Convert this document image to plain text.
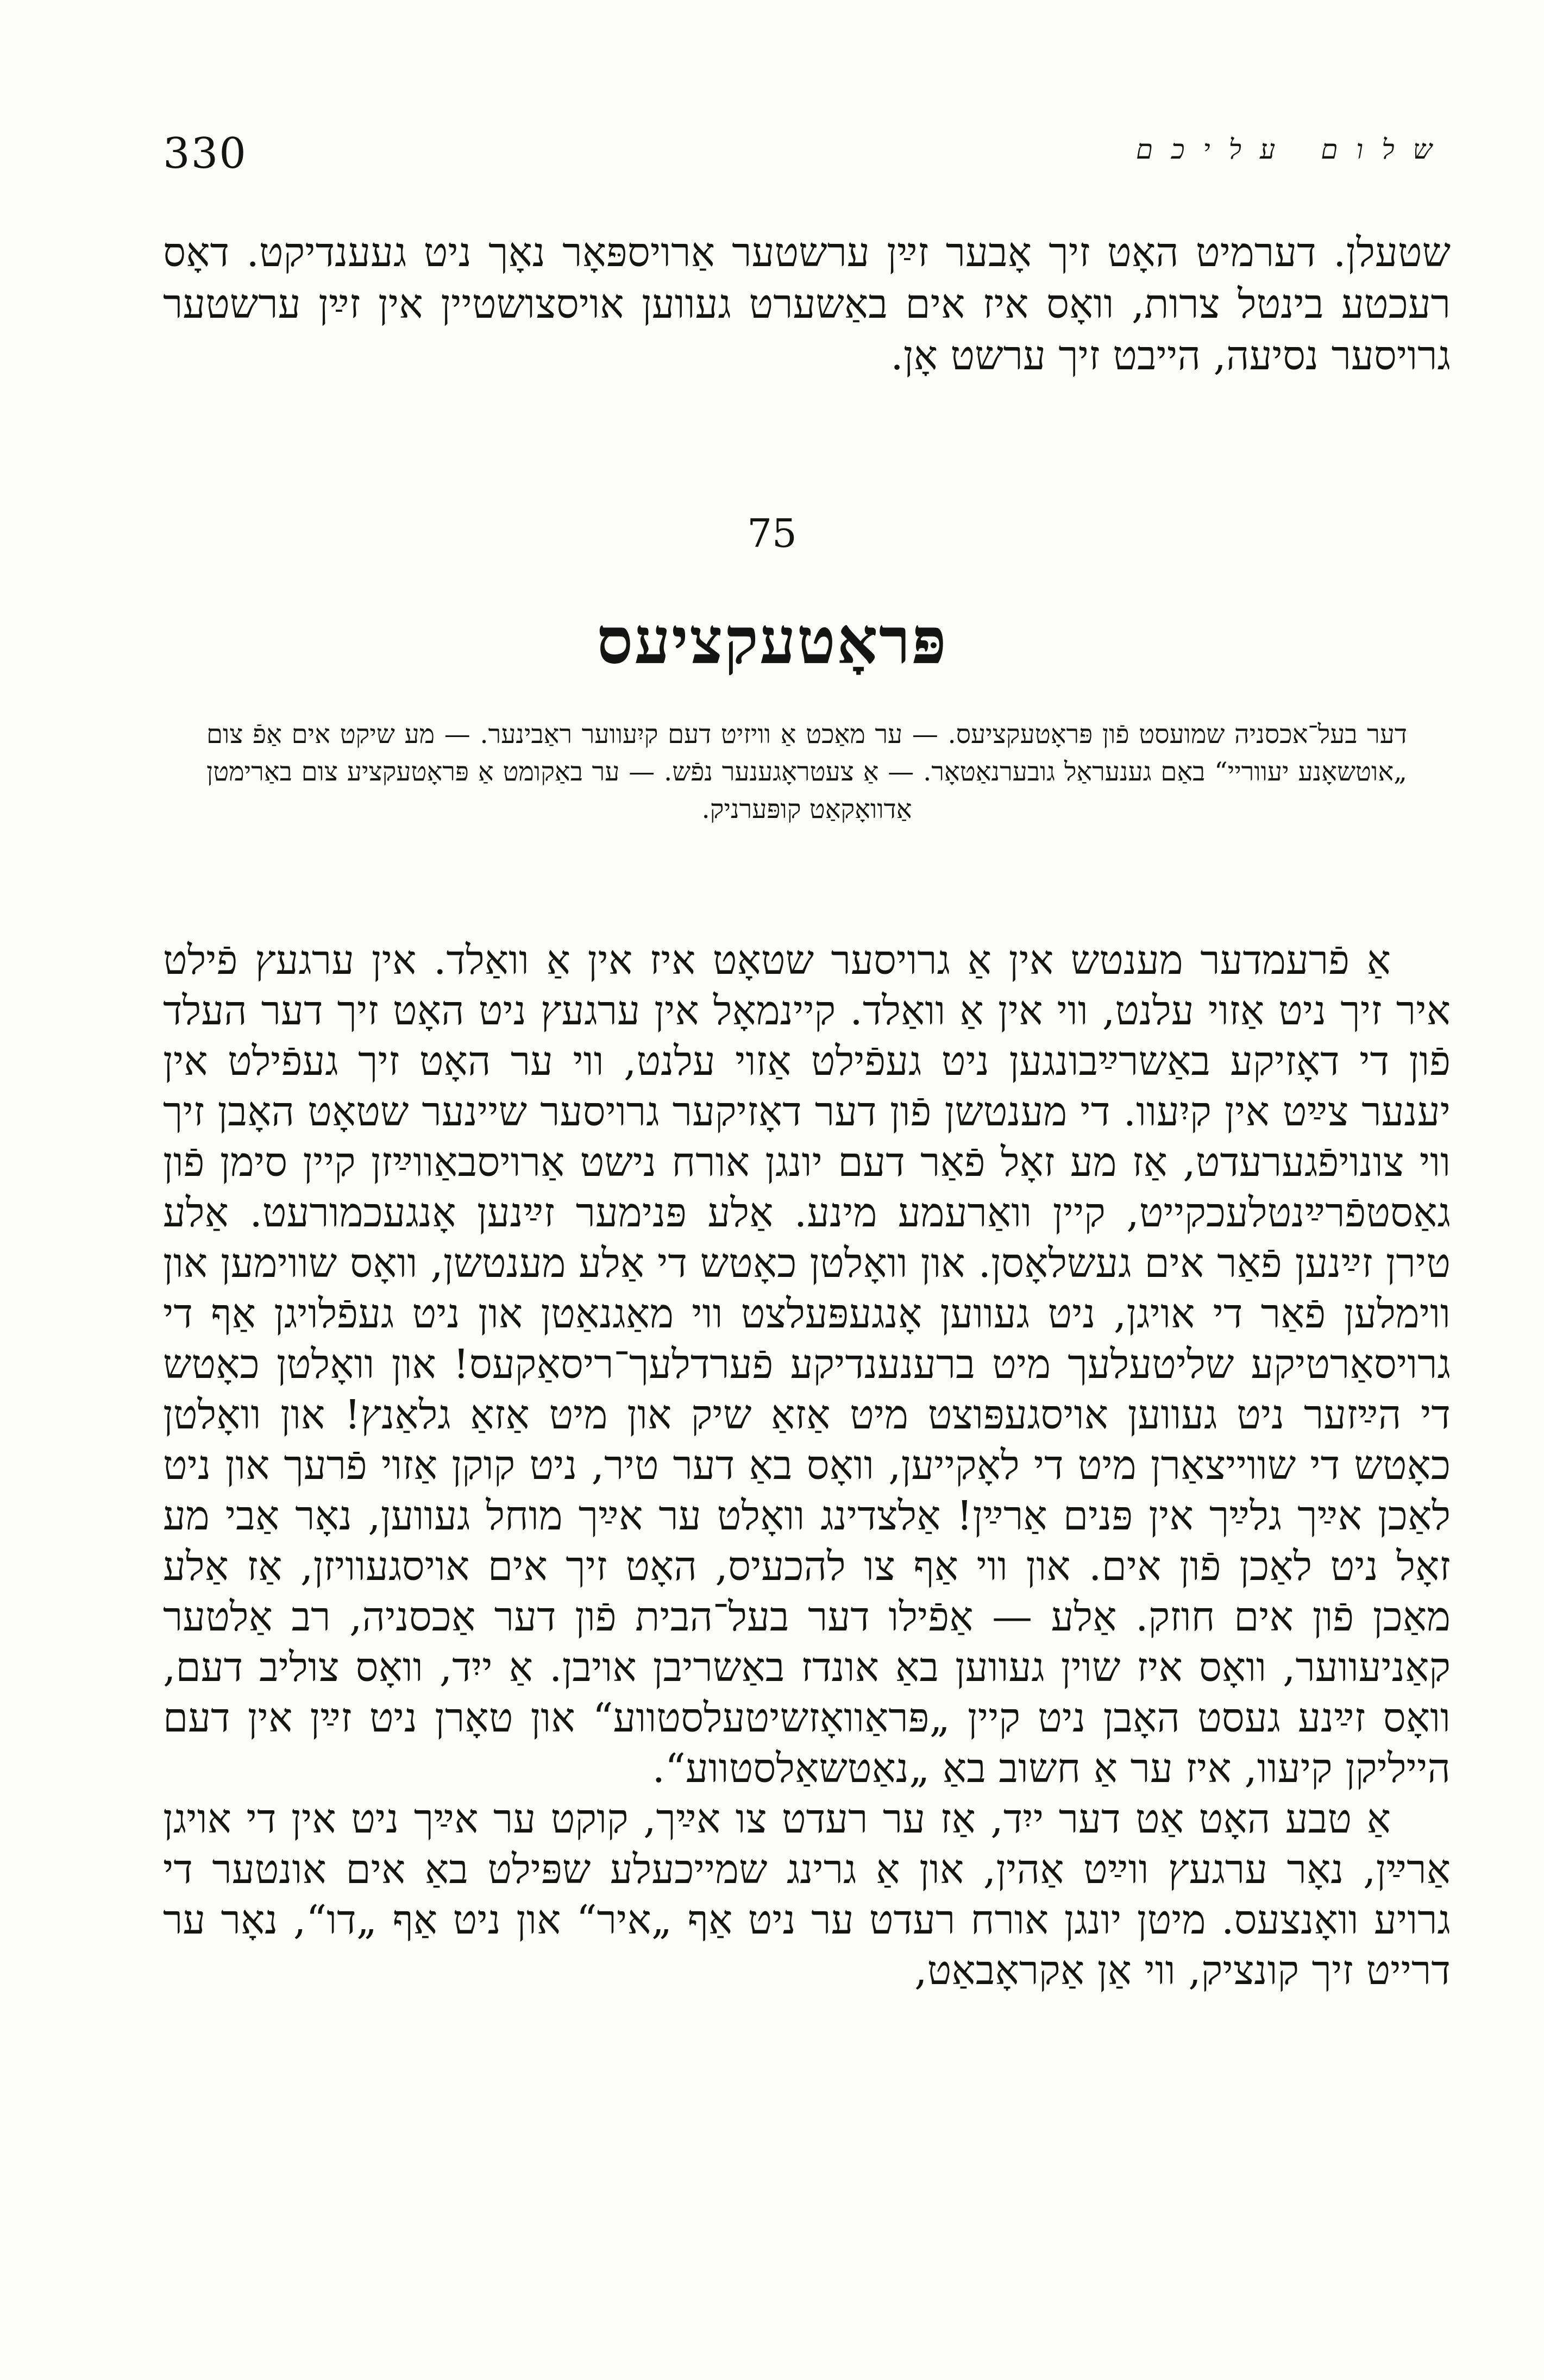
330	שלום עליכם

שטעלן. דערמיט האָט זיך אָבער זײַן ערשטער אַרויספּאָר נאָך ניט געענדיקט. דאָס רעכטע בינטל צרות, וואָס איז אים באַשערט געווען אויסצושטיין אין זײַן ערשטער גרויסער נסיעה, הייבט זיך ערשט אָן.

75
פּראָטעקציעס

דער בעל־אכסניה שמועסט פֿון פּראָטעקציעס. — ער מאַכט אַ וויזיט דעם קיִעווער ראַבינער. — מע שיקט אים אַפֿ צום „אוטשאָנע יעווריי“ באַם גענעראַל גובערנאַטאָר. — אַ צעטראָגענער נפֿש. — ער באַקומט אַ פּראָטעקציע צום באַרימטן אַדוואָקאַט קופּערניק.

אַ פֿרעמדער מענטש אין אַ גרויסער שטאָט איז אין אַ וואַלד. אין ערגעץ פֿילט איר זיך ניט אַזוי עלנט, ווי אין אַ וואַלד. קיינמאָל אין ערגעץ ניט האָט זיך דער העלד פֿון די דאָזיקע באַשרײַבונגען ניט געפֿילט אַזוי עלנט, ווי ער האָט זיך געפֿילט אין יענער צײַט אין קיִעוו. די מענטשן פֿון דער דאָזיקער גרויסער שיינער שטאָט האָבן זיך ווי צונויפֿגערעדט, אַז מע זאָל פֿאַר דעם יונגן אורח נישט אַרויסבאַווײַזן קיין סימן פֿון גאַסטפֿרײַנטלעכקייט, קיין וואַרעמע מינע. אַלע פּנימער זײַנען אָנגעכמורעט. אַלע טירן זײַנען פֿאַר אים געשלאָסן. און וואָלטן כאָטש די אַלע מענטשן, וואָס שווימען און ווימלען פֿאַר די אויגן, ניט געווען אָנגעפּעלצט ווי מאַגנאַטן און ניט געפֿלויגן אַף די גרויסאַרטיקע שליטעלעך מיט ברענענדיקע פֿערדלעך־ריסאַקעס! און וואָלטן כאָטש די הײַזער ניט געווען אויסגעפּוצט מיט אַזאַ שיק און מיט אַזאַ גלאַנץ! און וואָלטן כאָטש די שווייצאַרן מיט די לאָקייען, וואָס באַ דער טיר, ניט קוקן אַזוי פֿרעך און ניט לאַכן אײַך גלײַך אין פּנים אַרײַן! אַלצדינג וואָלט ער אײַך מוחל געווען, נאָר אַבי מע זאָל ניט לאַכן פֿון אים. און ווי אַף צו להכעיס, האָט זיך אים אויסגעוויזן, אַז אַלע מאַכן פֿון אים חוזק. אַלע — אַפֿילו דער בעל־הבית פֿון דער אַכסניה, רב אַלטער קאַניעווער, וואָס איז שוין געווען באַ אונדז באַשריבן אויבן. אַ ייִד, וואָס צוליב דעם, וואָס זײַנע געסט האָבן ניט קיין „פּראַוואָזשיטעלסטווע“ און טאָרן ניט זײַן אין דעם הייליקן קיעוו, איז ער אַ חשוב באַ „נאַטשאַלסטווע“.

אַ טבע האָט אַט דער ייִד, אַז ער רעדט צו אײַך, קוקט ער אײַך ניט אין די אויגן אַרײַן, נאָר ערגעץ ווײַט אַהין, און אַ גרינג שמייכעלע שפּילט באַ אים אונטער די גרויע וואָנצעס. מיטן יונגן אורח רעדט ער ניט אַף „איר“ און ניט אַף „דו“, נאָר ער דרייט זיך קונציק, ווי אַן אַקראָבאַט,
